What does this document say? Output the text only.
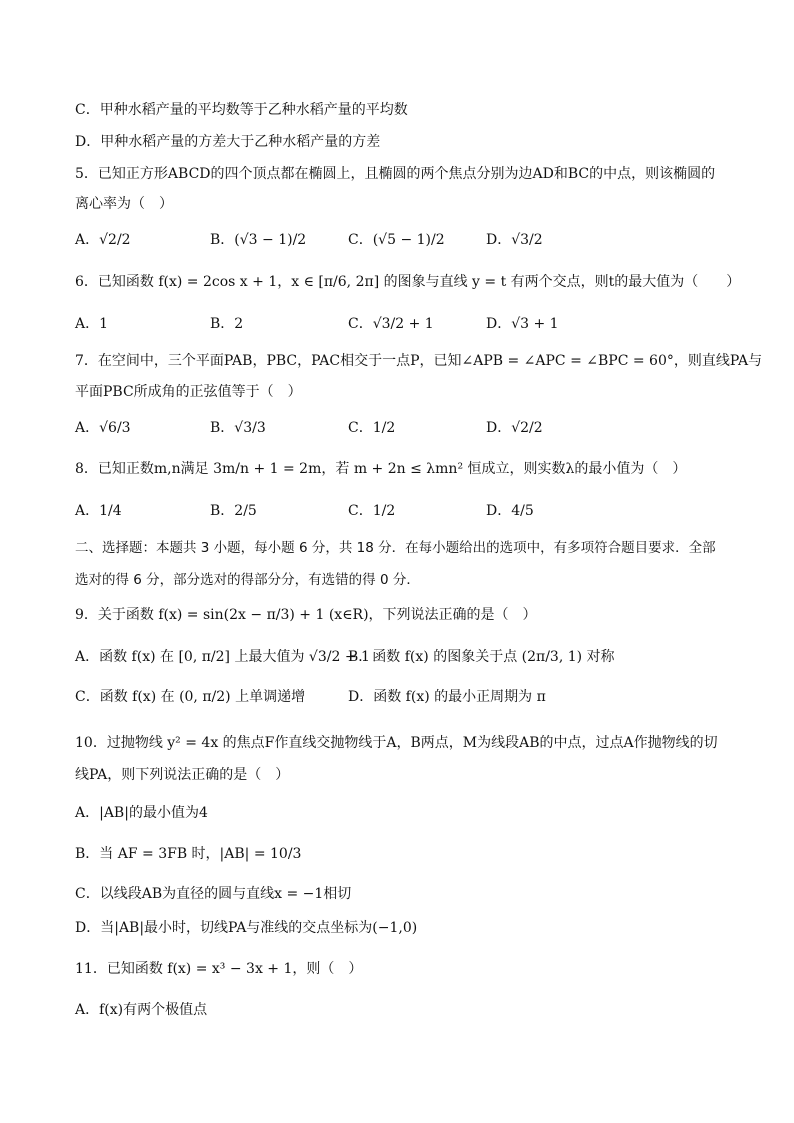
C．甲种水稻产量的平均数等于乙种水稻产量的平均数
D．甲种水稻产量的方差大于乙种水稻产量的方差
5．已知正方形ABCD的四个顶点都在椭圆上，且椭圆的两个焦点分别为边AD和BC的中点，则该椭圆的
离心率为（　）
A．√2/2	B．(√3 − 1)/2	C．(√5 − 1)/2	D．√3/2
6．已知函数 f(x) = 2cos x + 1，x ∈ [π/6, 2π] 的图象与直线 y = t 有两个交点，则t的最大值为（　　）
A．1	B．2	C．√3/2 + 1	D．√3 + 1
7．在空间中，三个平面PAB，PBC，PAC相交于一点P，已知∠APB = ∠APC = ∠BPC = 60°，则直线PA与
平面PBC所成角的正弦值等于（　）
A．√6/3	B．√3/3	C．1/2	D．√2/2
8．已知正数m,n满足 3m/n + 1 = 2m，若 m + 2n ≤ λmn² 恒成立，则实数λ的最小值为（　）
A．1/4	B．2/5	C．1/2	D．4/5
二、选择题：本题共 3 小题，每小题 6 分，共 18 分．在每小题给出的选项中，有多项符合题目要求．全部
选对的得 6 分，部分选对的得部分分，有选错的得 0 分．
9．关于函数 f(x) = sin(2x − π/3) + 1 (x∈R)，下列说法正确的是（　）
A．函数 f(x) 在 [0, π/2] 上最大值为 √3/2 + 1
B．函数 f(x) 的图象关于点 (2π/3, 1) 对称
C．函数 f(x) 在 (0, π/2) 上单调递增	D．函数 f(x) 的最小正周期为 π
10．过抛物线 y² = 4x 的焦点F作直线交抛物线于A，B两点，M为线段AB的中点，过点A作抛物线的切
线PA，则下列说法正确的是（　）
A．|AB|的最小值为4
B．当 AF = 3FB 时，|AB| = 10/3
C．以线段AB为直径的圆与直线x = −1相切
D．当|AB|最小时，切线PA与准线的交点坐标为(−1,0)
11．已知函数 f(x) = x³ − 3x + 1，则（　）
A．f(x)有两个极值点
